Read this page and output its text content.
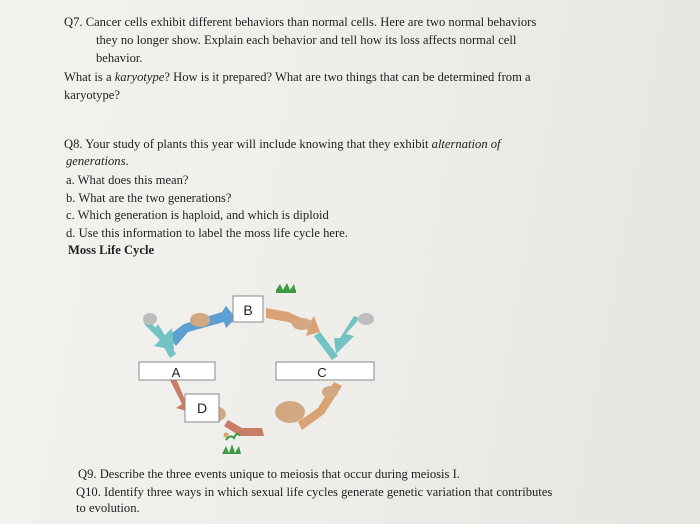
Q7. Cancer cells exhibit different behaviors than normal cells. Here are two normal behaviors
they no longer show. Explain each behavior and tell how its loss affects normal cell
behavior.
What is a karyotype? How is it prepared? What are two things that can be determined from a
karyotype?
Q8. Your study of plants this year will include knowing that they exhibit alternation of
generations.
a. What does this mean?
b. What are the two generations?
c. Which generation is haploid, and which is diploid
d. Use this information to label the moss life cycle here.
Moss Life Cycle
A
B
C
D
Q9. Describe the three events unique to meiosis that occur during meiosis I.
Q10. Identify three ways in which sexual life cycles generate genetic variation that contributes
to evolution.
